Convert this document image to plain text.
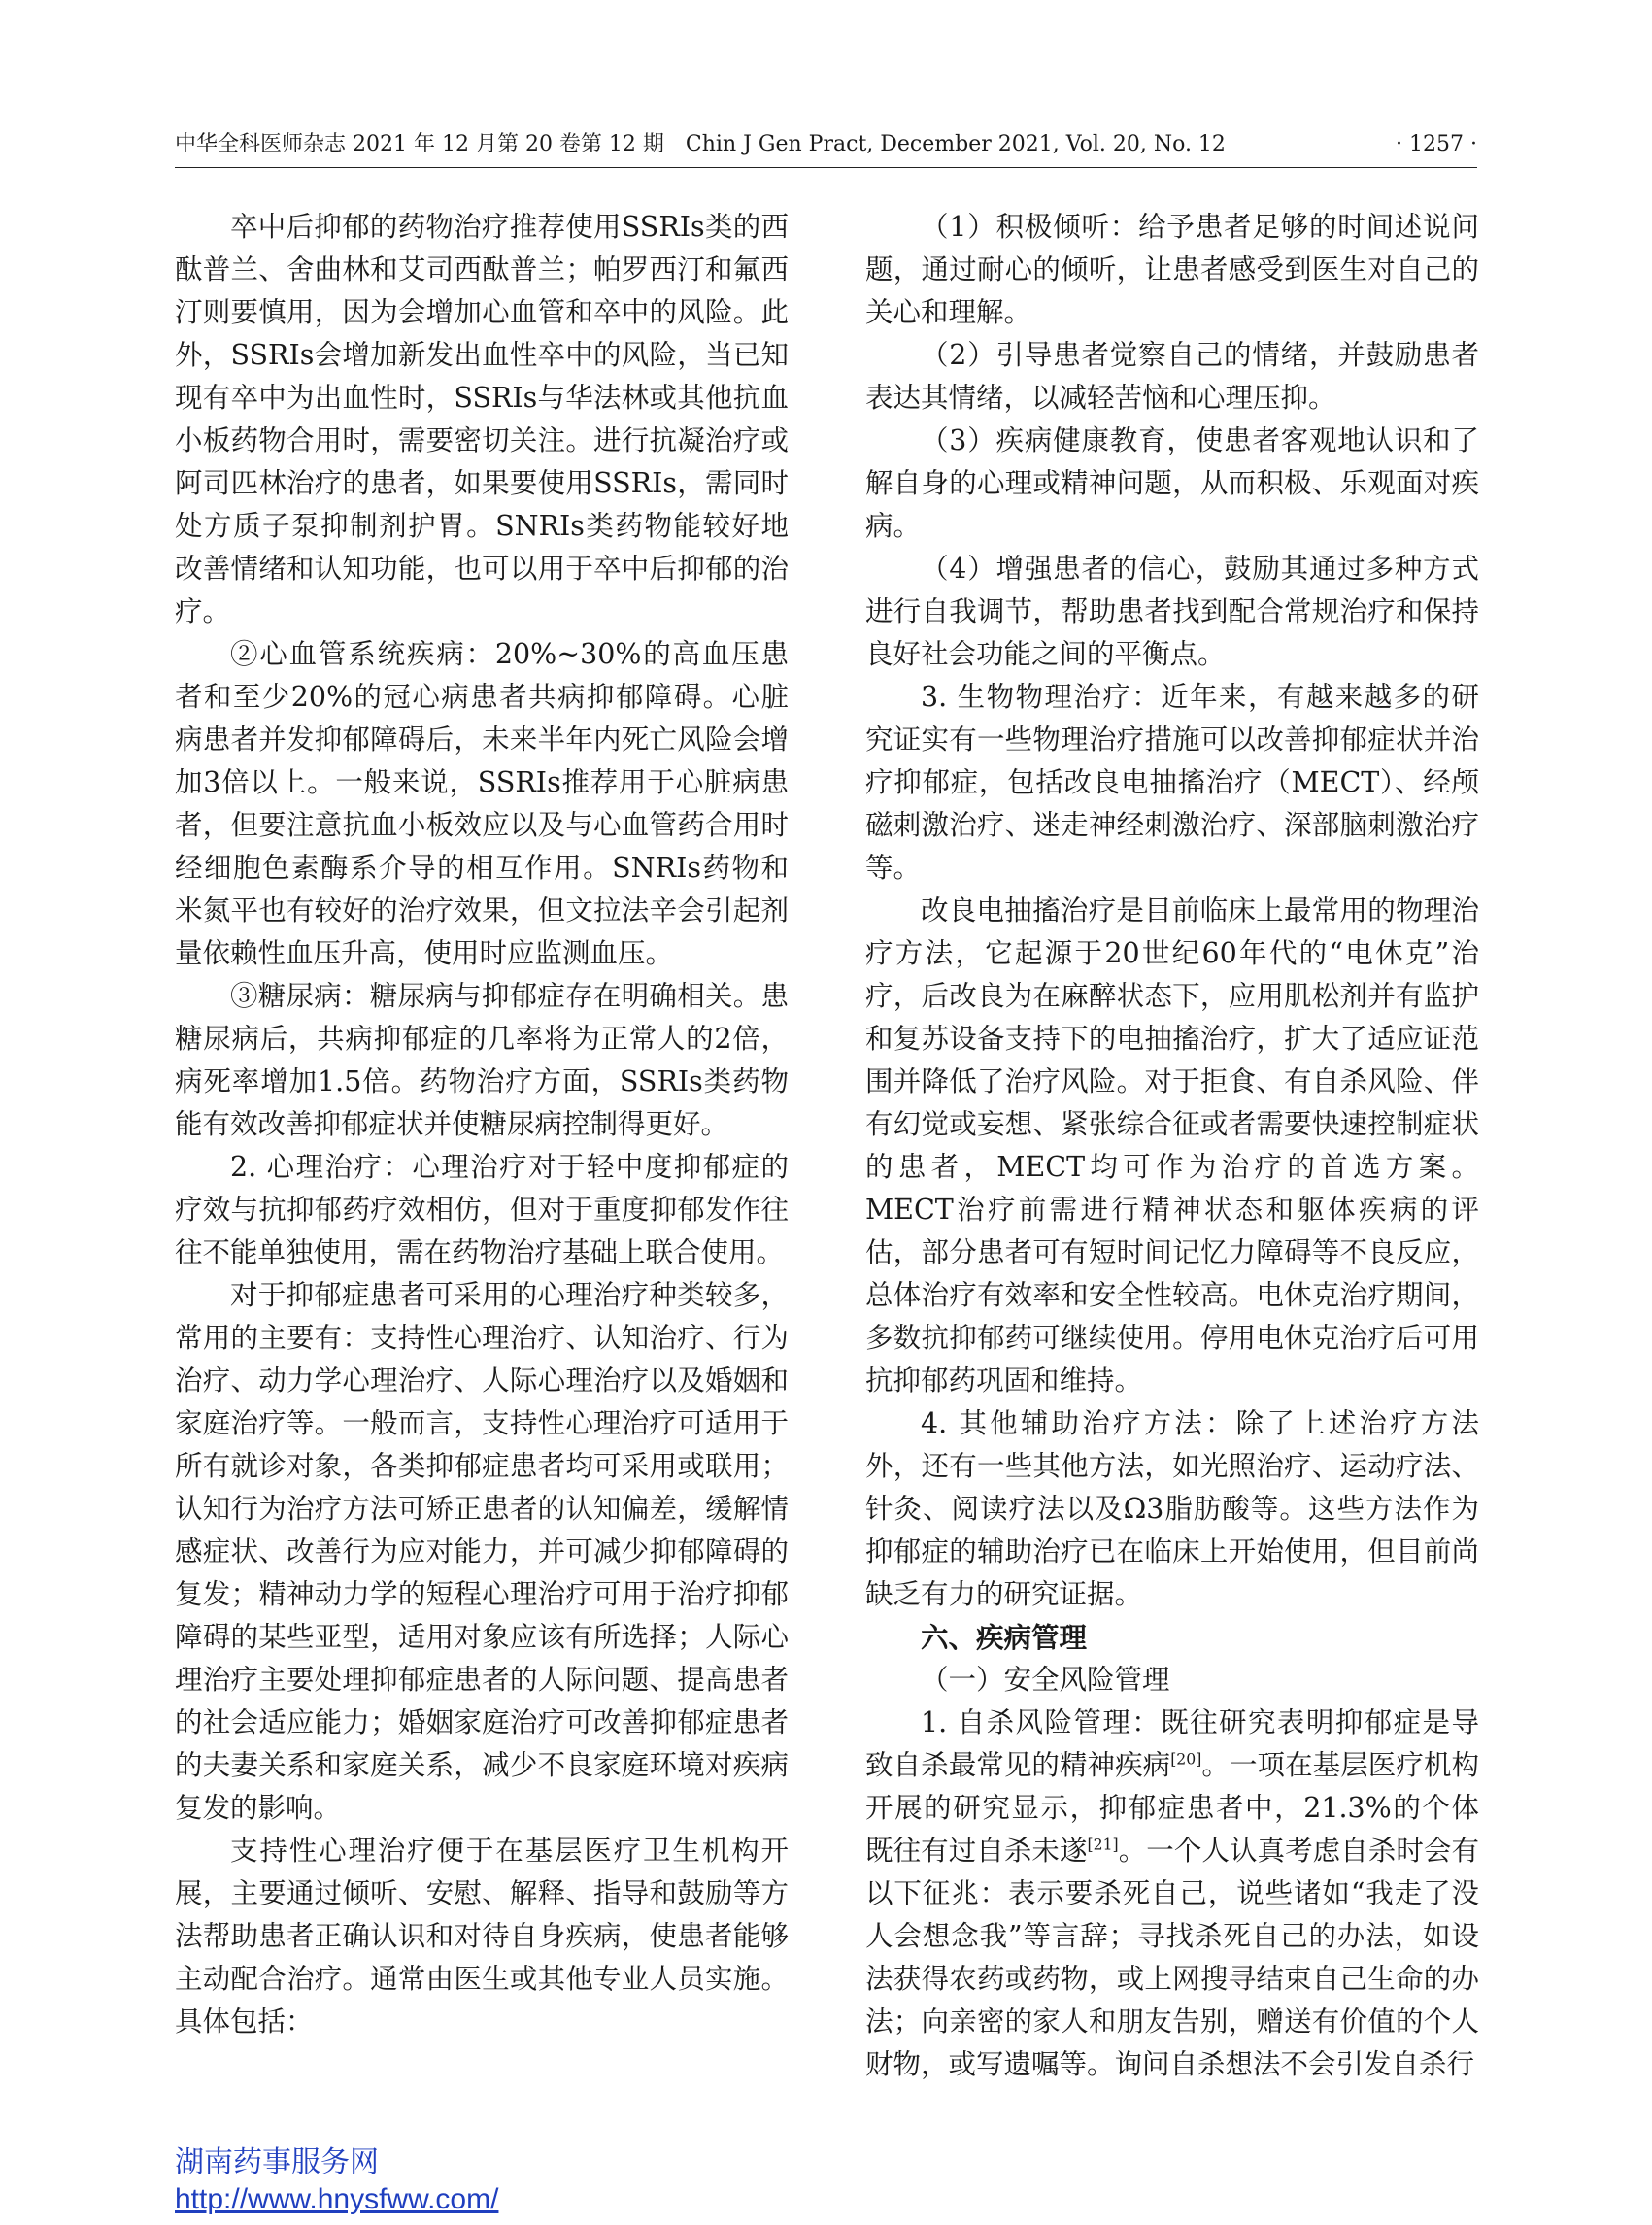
中华全科医师杂志 2021 年 12 月第 20 卷第 12 期　Chin J Gen Pract, December 2021, Vol. 20, No. 12	· 1257 ·

卒中后抑郁的药物治疗推荐使用SSRIs类的西酞普兰、舍曲林和艾司西酞普兰；帕罗西汀和氟西汀则要慎用，因为会增加心血管和卒中的风险。此外，SSRIs会增加新发出血性卒中的风险，当已知现有卒中为出血性时，SSRIs与华法林或其他抗血小板药物合用时，需要密切关注。进行抗凝治疗或阿司匹林治疗的患者，如果要使用SSRIs，需同时处方质子泵抑制剂护胃。SNRIs类药物能较好地改善情绪和认知功能，也可以用于卒中后抑郁的治疗。

②心血管系统疾病：20%~30%的高血压患者和至少20%的冠心病患者共病抑郁障碍。心脏病患者并发抑郁障碍后，未来半年内死亡风险会增加3倍以上。一般来说，SSRIs推荐用于心脏病患者，但要注意抗血小板效应以及与心血管药合用时经细胞色素酶系介导的相互作用。SNRIs药物和米氮平也有较好的治疗效果，但文拉法辛会引起剂量依赖性血压升高，使用时应监测血压。

③糖尿病：糖尿病与抑郁症存在明确相关。患糖尿病后，共病抑郁症的几率将为正常人的2倍，病死率增加1.5倍。药物治疗方面，SSRIs类药物能有效改善抑郁症状并使糖尿病控制得更好。

2. 心理治疗：心理治疗对于轻中度抑郁症的疗效与抗抑郁药疗效相仿，但对于重度抑郁发作往往不能单独使用，需在药物治疗基础上联合使用。

对于抑郁症患者可采用的心理治疗种类较多，常用的主要有：支持性心理治疗、认知治疗、行为治疗、动力学心理治疗、人际心理治疗以及婚姻和家庭治疗等。一般而言，支持性心理治疗可适用于所有就诊对象，各类抑郁症患者均可采用或联用；认知行为治疗方法可矫正患者的认知偏差，缓解情感症状、改善行为应对能力，并可减少抑郁障碍的复发；精神动力学的短程心理治疗可用于治疗抑郁障碍的某些亚型，适用对象应该有所选择；人际心理治疗主要处理抑郁症患者的人际问题、提高患者的社会适应能力；婚姻家庭治疗可改善抑郁症患者的夫妻关系和家庭关系，减少不良家庭环境对疾病复发的影响。

支持性心理治疗便于在基层医疗卫生机构开展，主要通过倾听、安慰、解释、指导和鼓励等方法帮助患者正确认识和对待自身疾病，使患者能够主动配合治疗。通常由医生或其他专业人员实施。具体包括：

（1）积极倾听：给予患者足够的时间述说问题，通过耐心的倾听，让患者感受到医生对自己的关心和理解。

（2）引导患者觉察自己的情绪，并鼓励患者表达其情绪，以减轻苦恼和心理压抑。

（3）疾病健康教育，使患者客观地认识和了解自身的心理或精神问题，从而积极、乐观面对疾病。

（4）增强患者的信心，鼓励其通过多种方式进行自我调节，帮助患者找到配合常规治疗和保持良好社会功能之间的平衡点。

3. 生物物理治疗：近年来，有越来越多的研究证实有一些物理治疗措施可以改善抑郁症状并治疗抑郁症，包括改良电抽搐治疗（MECT）、经颅磁刺激治疗、迷走神经刺激治疗、深部脑刺激治疗等。

改良电抽搐治疗是目前临床上最常用的物理治疗方法，它起源于20世纪60年代的“电休克”治疗，后改良为在麻醉状态下，应用肌松剂并有监护和复苏设备支持下的电抽搐治疗，扩大了适应证范围并降低了治疗风险。对于拒食、有自杀风险、伴有幻觉或妄想、紧张综合征或者需要快速控制症状的患者，MECT均可作为治疗的首选方案。MECT治疗前需进行精神状态和躯体疾病的评估，部分患者可有短时间记忆力障碍等不良反应，总体治疗有效率和安全性较高。电休克治疗期间，多数抗抑郁药可继续使用。停用电休克治疗后可用抗抑郁药巩固和维持。

4. 其他辅助治疗方法：除了上述治疗方法外，还有一些其他方法，如光照治疗、运动疗法、针灸、阅读疗法以及Ω3脂肪酸等。这些方法作为抑郁症的辅助治疗已在临床上开始使用，但目前尚缺乏有力的研究证据。

六、疾病管理

（一）安全风险管理

1. 自杀风险管理：既往研究表明抑郁症是导致自杀最常见的精神疾病[20]。一项在基层医疗机构开展的研究显示，抑郁症患者中，21.3%的个体既往有过自杀未遂[21]。一个人认真考虑自杀时会有以下征兆：表示要杀死自己，说些诸如“我走了没人会想念我”等言辞；寻找杀死自己的办法，如设法获得农药或药物，或上网搜寻结束自己生命的办法；向亲密的家人和朋友告别，赠送有价值的个人财物，或写遗嘱等。询问自杀想法不会引发自杀行

湖南药事服务网
http://www.hnysfww.com/
